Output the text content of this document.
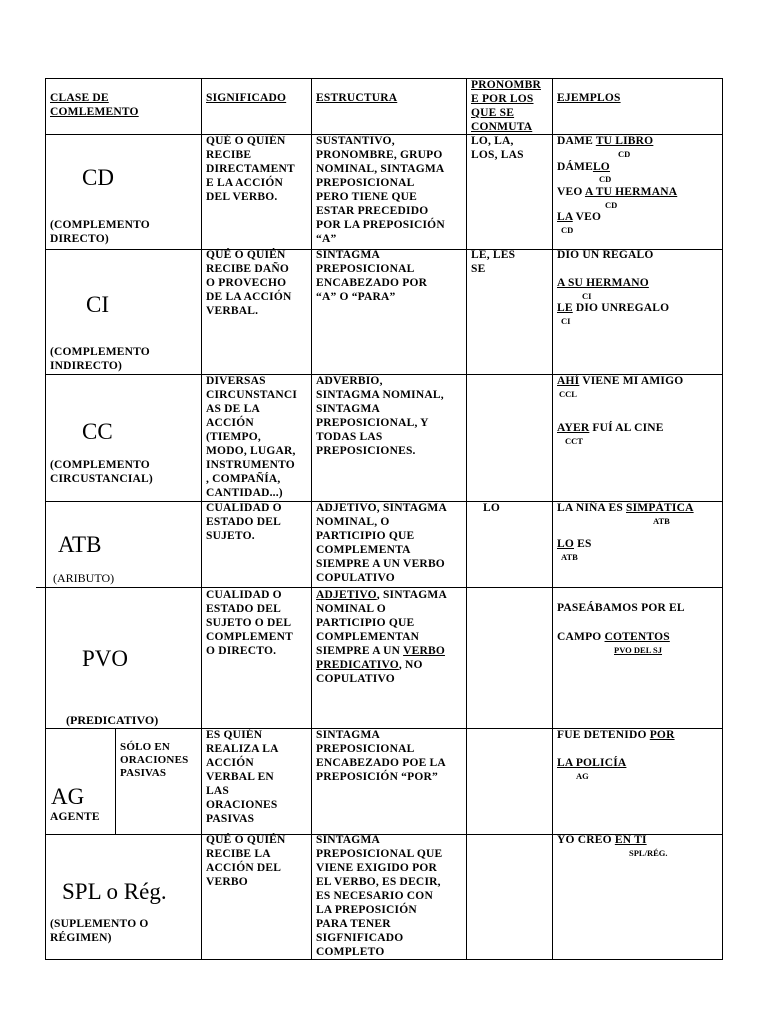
CLASE DE
COMLEMENTO
SIGNIFICADO	ESTRUCTURA
PRONOMBR
E POR LOS
QUE SE
CONMUTA
EJEMPLOS
CD
(COMPLEMENTO
DIRECTO)
QUÉ O QUIÉN
RECIBE
DIRECTAMENT
E LA ACCIÓN
DEL VERBO.
SUSTANTIVO,
PRONOMBRE, GRUPO
NOMINAL, SINTAGMA
PREPOSICIONAL
PERO TIENE QUE
ESTAR PRECEDIDO
POR LA PREPOSICIÓN
“A”
LO, LA,
LOS, LAS
DAME TU LIBRO
CD
DÁMELO
CD
VEO A TU HERMANA
CD
LA VEO
CD
CI
(COMPLEMENTO
INDIRECTO)
QUÉ O QUIÉN
RECIBE DAÑO
O PROVECHO
DE LA ACCIÓN
VERBAL.
SINTAGMA
PREPOSICIONAL
ENCABEZADO POR
“A” O “PARA”
LE, LES
SE
DIO UN REGALO
A SU HERMANO
CI
LE DIO UNREGALO
CI
CC
(COMPLEMENTO
CIRCUSTANCIAL)
DIVERSAS
CIRCUNSTANCI
AS DE LA
ACCIÓN
(TIEMPO,
MODO, LUGAR,
INSTRUMENTO
, COMPAÑÍA,
CANTIDAD...)
ADVERBIO,
SINTAGMA NOMINAL,
SINTAGMA
PREPOSICIONAL, Y
TODAS LAS
PREPOSICIONES.
AHÍ VIENE MI AMIGO
CCL
AYER FUÍ AL CINE
CCT
ATB
(ARIBUTO)
CUALIDAD O
ESTADO DEL
SUJETO.
ADJETIVO, SINTAGMA
NOMINAL, O
PARTICIPIO QUE
COMPLEMENTA
SIEMPRE A UN VERBO
COPULATIVO
LO	LA NIÑA ES SIMPÁTICA
ATB
LO ES
ATB
PVO
(PREDICATIVO)
CUALIDAD O
ESTADO DEL
SUJETO O DEL
COMPLEMENT
O DIRECTO.
ADJETIVO, SINTAGMA
NOMINAL O
PARTICIPIO QUE
COMPLEMENTAN
SIEMPRE A UN VERBO
PREDICATIVO, NO
COPULATIVO
PASEÁBAMOS POR EL
CAMPO COTENTOS
PVO DEL SJ
AG
AGENTE
SÓLO EN
ORACIONES
PASIVAS
ES QUIÉN
REALIZA LA
ACCIÓN
VERBAL EN
LAS
ORACIONES
PASIVAS
SINTAGMA
PREPOSICIONAL
ENCABEZADO POE LA
PREPOSICIÓN “POR”
FUE DETENIDO POR
LA POLICÍA
AG
SPL o Rég.
(SUPLEMENTO O
RÉGIMEN)
QUÉ O QUIÉN
RECIBE LA
ACCIÓN DEL
VERBO
SINTAGMA
PREPOSICIONAL QUE
VIENE EXIGIDO POR
EL VERBO, ES DECIR,
ES NECESARIO CON
LA PREPOSICIÓN
PARA TENER
SIGFNIFICADO
COMPLETO
YO CREO EN TI
SPL/RÉG.
